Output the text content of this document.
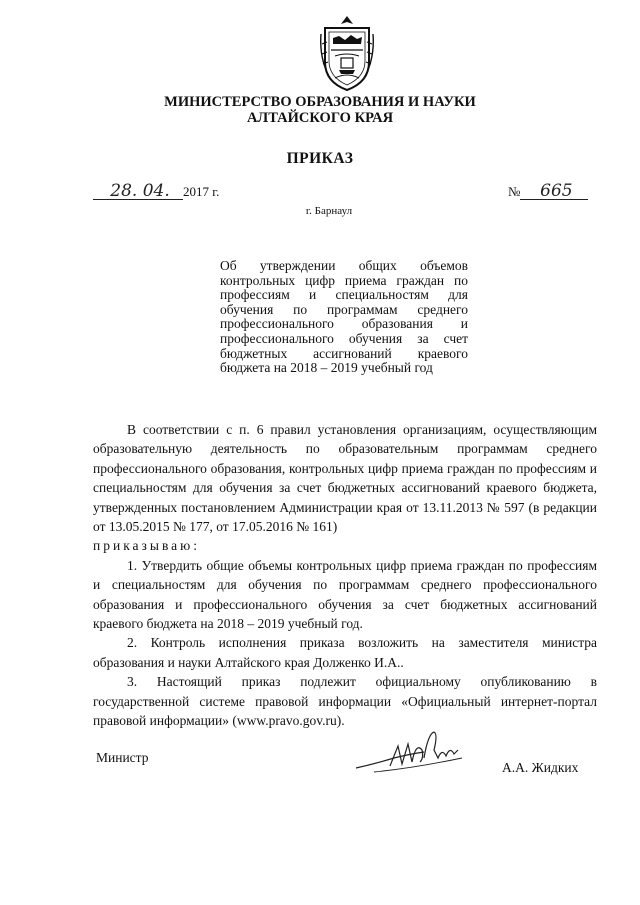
МИНИСТЕРСТВО ОБРАЗОВАНИЯ И НАУКИ
АЛТАЙСКОГО КРАЯ
ПРИКАЗ
28. 04. 2017 г.	№ 665
г. Барнаул
Об утверждении общих объемов контрольных цифр приема граждан по профессиям и специальностям для обучения по программам среднего профессионального образования и профессионального обучения за счет бюджетных ассигнований краевого бюджета на 2018 – 2019 учебный год

В соответствии с п. 6 правил установления организациям, осуществляющим образовательную деятельность по образовательным программам среднего профессионального образования, контрольных цифр приема граждан по профессиям и специальностям для обучения за счет бюджетных ассигнований краевого бюджета, утвержденных постановлением Администрации края от 13.11.2013 № 597 (в редакции от 13.05.2015 № 177, от 17.05.2016 № 161)

приказываю:

1. Утвердить общие объемы контрольных цифр приема граждан по профессиям и специальностям для обучения по программам среднего профессионального образования и профессионального обучения за счет бюджетных ассигнований краевого бюджета на 2018 – 2019 учебный год.

2. Контроль исполнения приказа возложить на заместителя министра образования и науки Алтайского края Долженко И.А..

3. Настоящий приказ подлежит официальному опубликованию в государственной системе правовой информации «Официальный интернет-портал правовой информации» (www.pravo.gov.ru).

Министр
А.А. Жидких
